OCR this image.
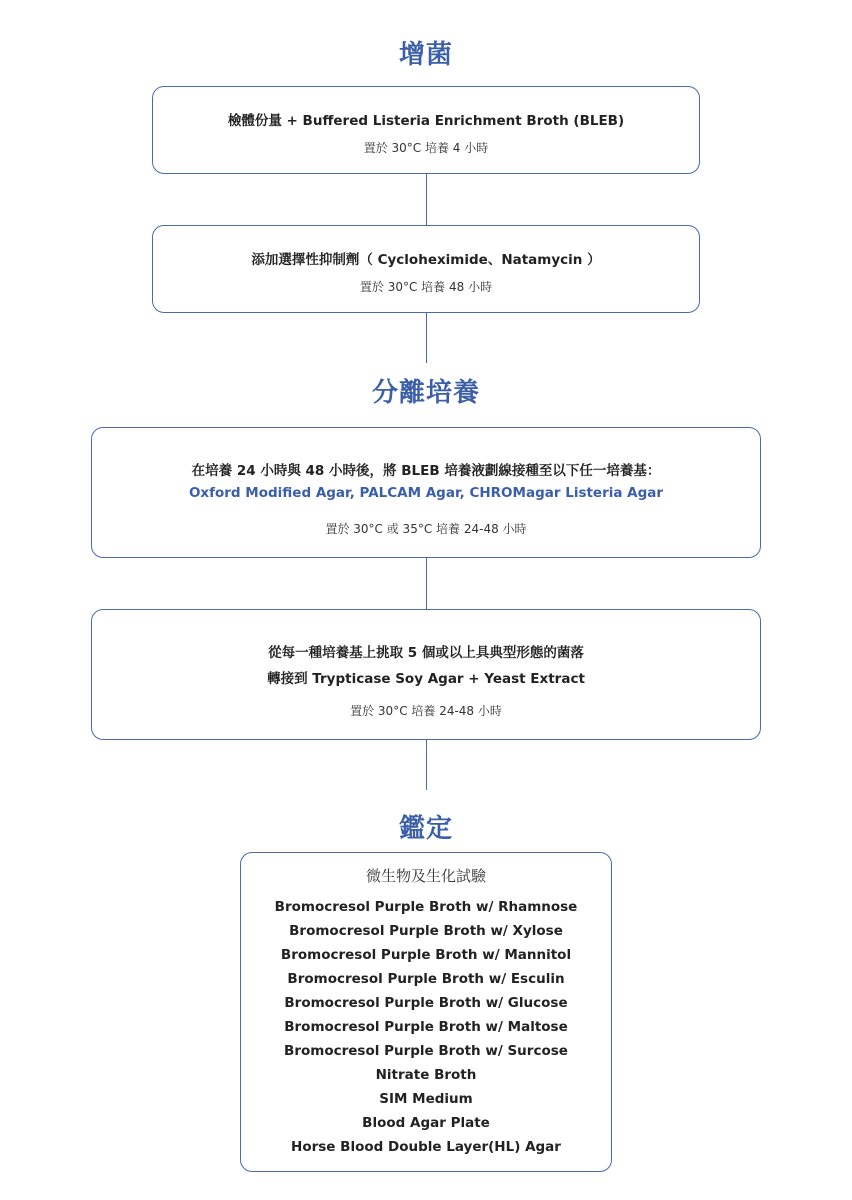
增菌
檢體份量 + Buffered Listeria Enrichment Broth (BLEB)
置於 30°C 培養 4 小時
添加選擇性抑制劑（ Cycloheximide、Natamycin ）
置於 30°C 培養 48 小時
分離培養
在培養 24 小時與 48 小時後，將 BLEB 培養液劃線接種至以下任一培養基：
Oxford Modified Agar, PALCAM Agar, CHROMagar Listeria Agar
置於 30°C 或 35°C 培養 24-48 小時
從每一種培養基上挑取 5 個或以上具典型形態的菌落
轉接到 Trypticase Soy Agar + Yeast Extract
置於 30°C 培養 24-48 小時
鑑定
微生物及生化試驗
Bromocresol Purple Broth w/ Rhamnose
Bromocresol Purple Broth w/ Xylose
Bromocresol Purple Broth w/ Mannitol
Bromocresol Purple Broth w/ Esculin
Bromocresol Purple Broth w/ Glucose
Bromocresol Purple Broth w/ Maltose
Bromocresol Purple Broth w/ Surcose
Nitrate Broth
SIM Medium
Blood Agar Plate
Horse Blood Double Layer(HL) Agar
